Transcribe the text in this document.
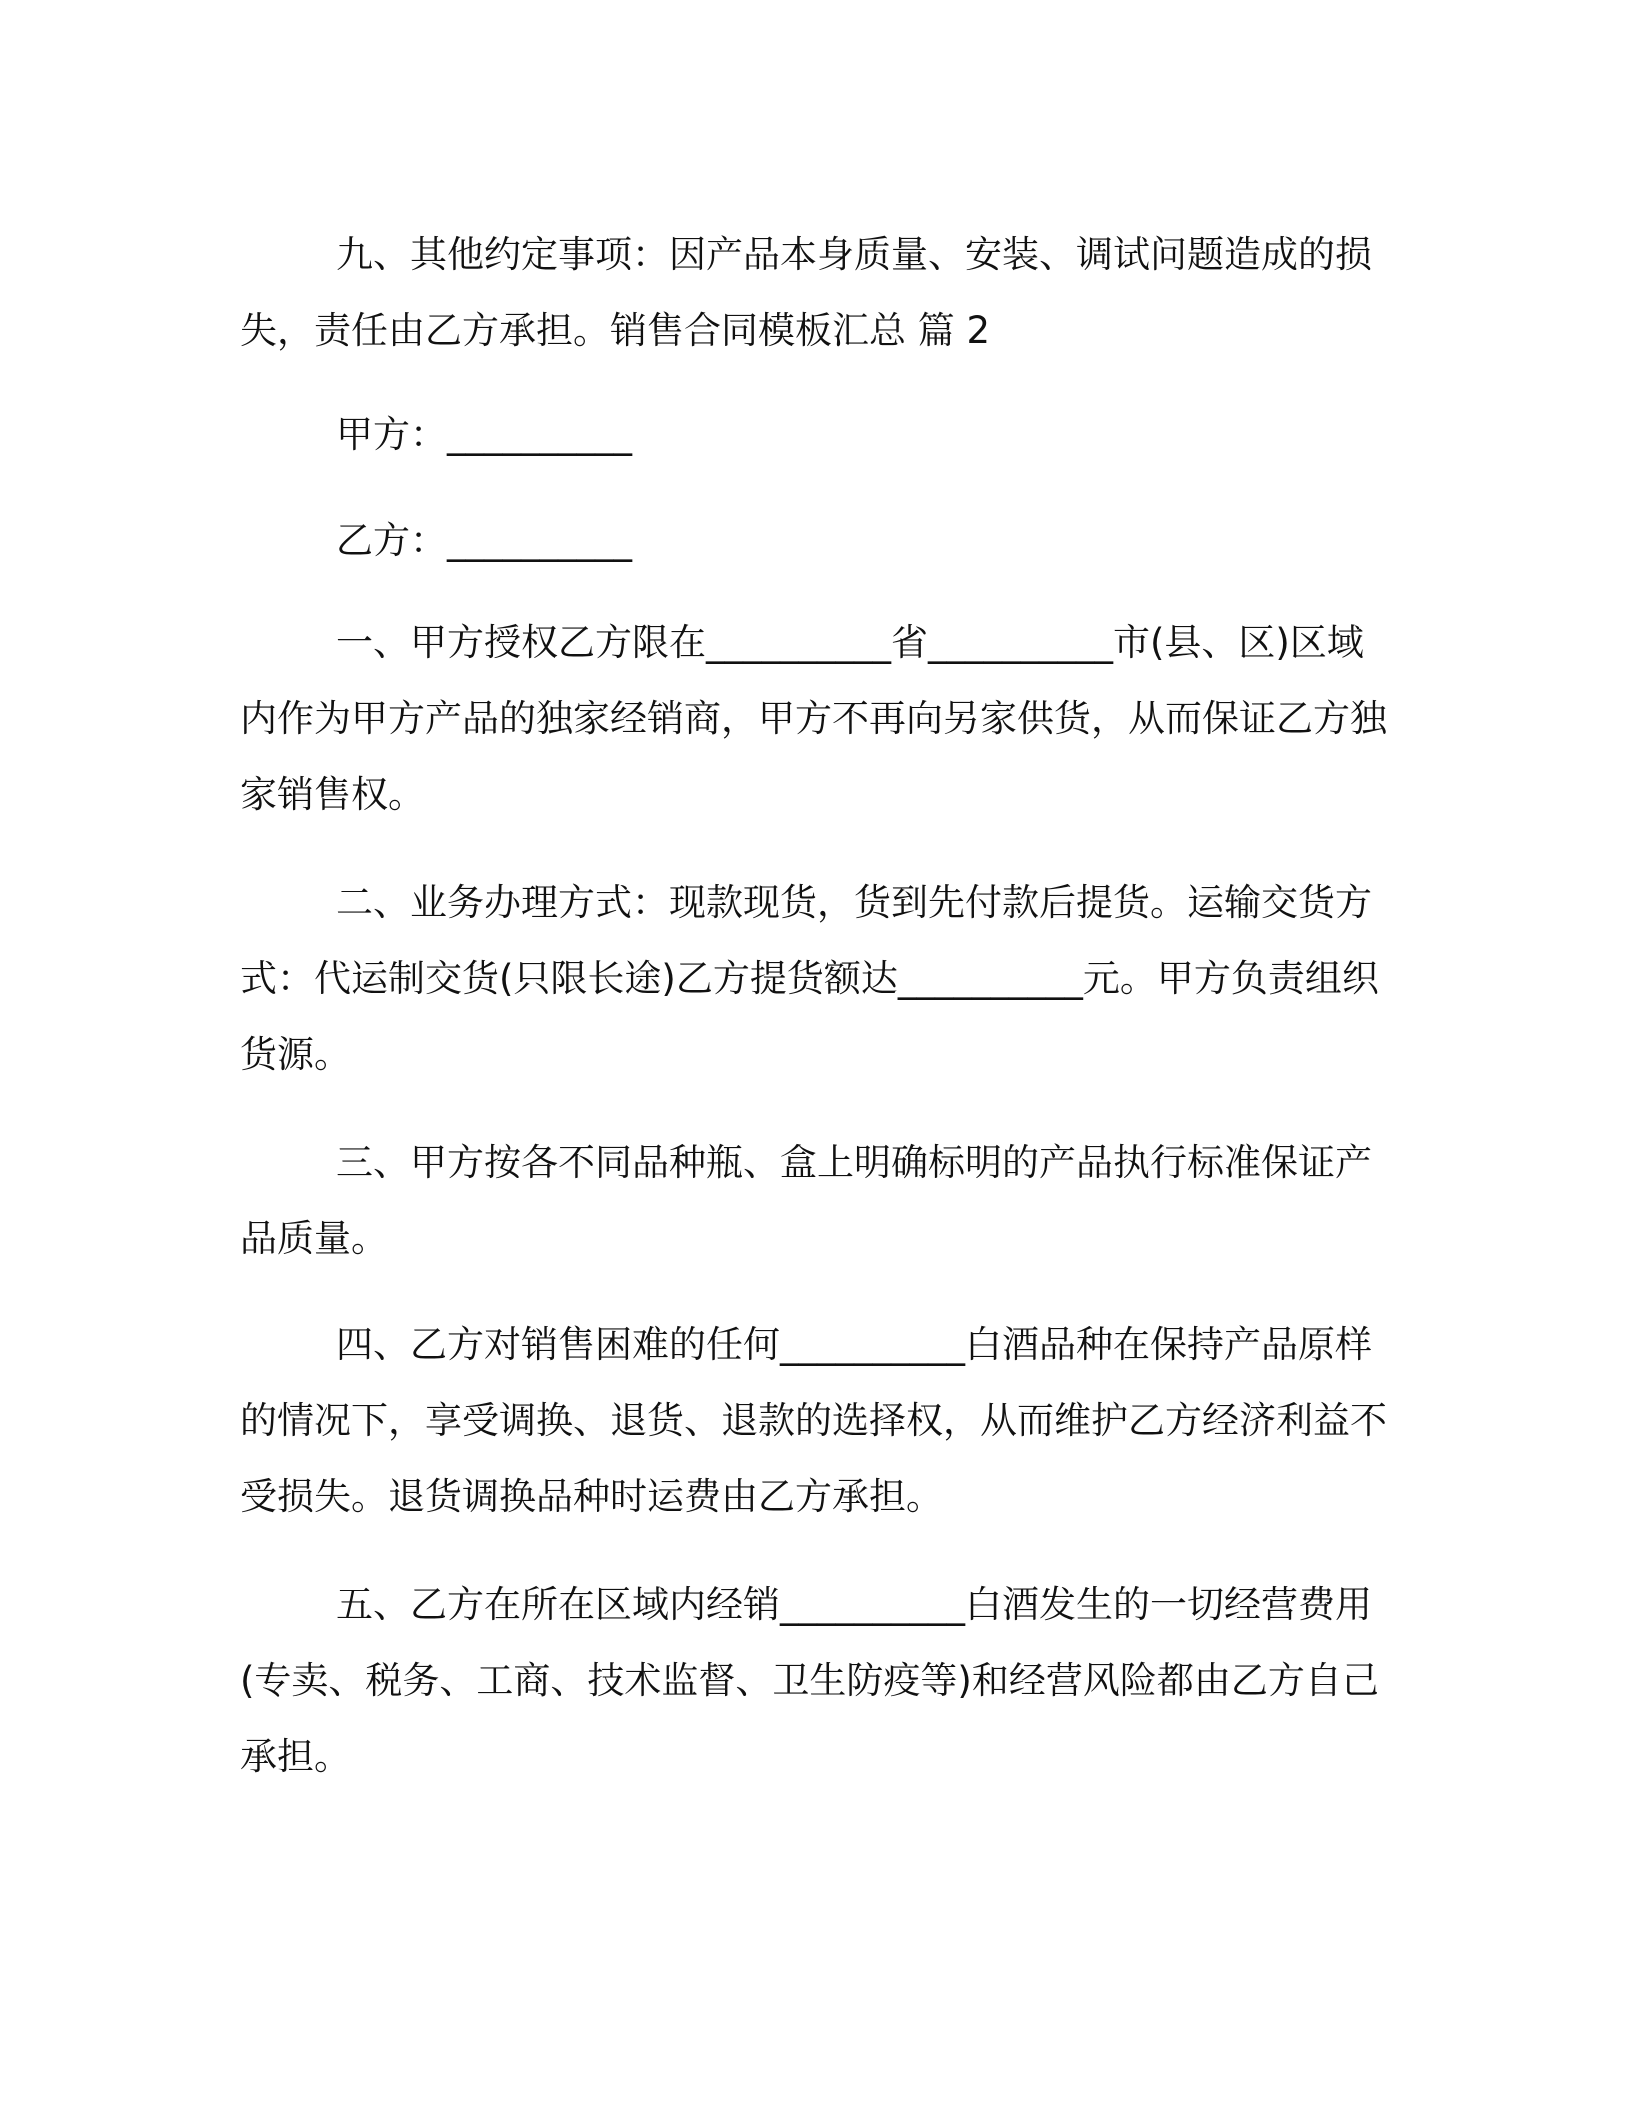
九、其他约定事项：因产品本身质量、安装、调试问题造成的损失，责任由乙方承担。销售合同模板汇总 篇 2

甲方：__________

乙方：__________

一、甲方授权乙方限在__________省__________市(县、区)区域内作为甲方产品的独家经销商，甲方不再向另家供货，从而保证乙方独家销售权。

二、业务办理方式：现款现货，货到先付款后提货。运输交货方式：代运制交货(只限长途)乙方提货额达__________元。甲方负责组织货源。

三、甲方按各不同品种瓶、盒上明确标明的产品执行标准保证产品质量。

四、乙方对销售困难的任何__________白酒品种在保持产品原样的情况下，享受调换、退货、退款的选择权，从而维护乙方经济利益不受损失。退货调换品种时运费由乙方承担。

五、乙方在所在区域内经销__________白酒发生的一切经营费用(专卖、税务、工商、技术监督、卫生防疫等)和经营风险都由乙方自己承担。
